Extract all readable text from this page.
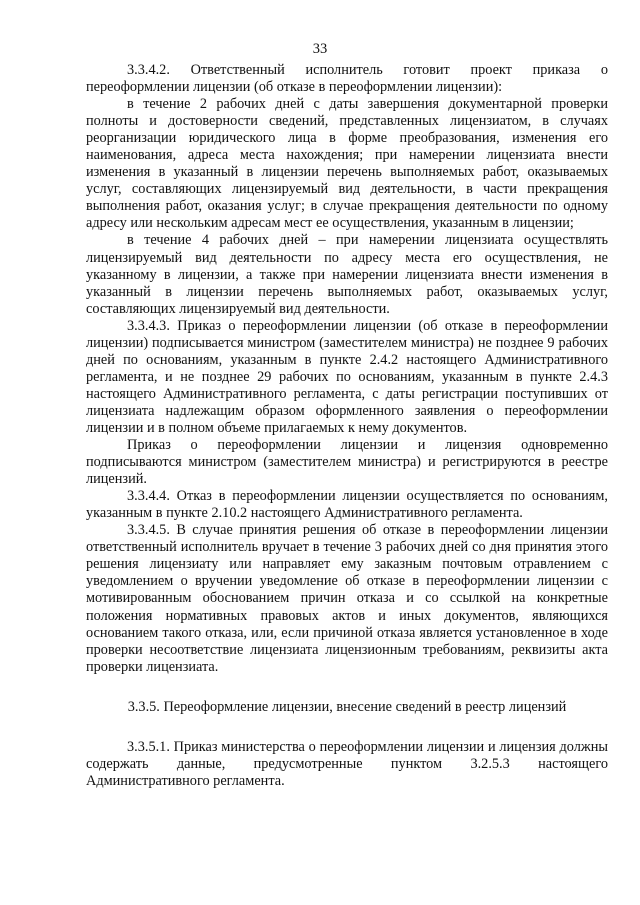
33

3.3.4.2. Ответственный исполнитель готовит проект приказа о переоформлении лицензии (об отказе в переоформлении лицензии):

в течение 2 рабочих дней с даты завершения документарной проверки полноты и достоверности сведений, представленных лицензиатом, в случаях реорганизации юридического лица в форме преобразования, изменения его наименования, адреса места нахождения; при намерении лицензиата внести изменения в указанный в лицензии перечень выполняемых работ, оказываемых услуг, составляющих лицензируемый вид деятельности, в части прекращения выполнения работ, оказания услуг; в случае прекращения деятельности по одному адресу или нескольким адресам мест ее осуществления, указанным в лицензии;

в течение 4 рабочих дней – при намерении лицензиата осуществлять лицензируемый вид деятельности по адресу места его осуществления, не указанному в лицензии, а также при намерении лицензиата внести изменения в указанный в лицензии перечень выполняемых работ, оказываемых услуг, составляющих лицензируемый вид деятельности.

3.3.4.3. Приказ о переоформлении лицензии (об отказе в переоформлении лицензии) подписывается министром (заместителем министра) не позднее 9 рабочих дней по основаниям, указанным в пункте 2.4.2 настоящего Административного регламента, и не позднее 29 рабочих по основаниям, указанным в пункте 2.4.3 настоящего Административного регламента, с даты регистрации поступивших от лицензиата надлежащим образом оформленного заявления о переоформлении лицензии и в полном объеме прилагаемых к нему документов.

Приказ о переоформлении лицензии и лицензия одновременно подписываются министром (заместителем министра) и регистрируются в реестре лицензий.

3.3.4.4. Отказ в переоформлении лицензии осуществляется по основаниям, указанным в пункте 2.10.2 настоящего Административного регламента.

3.3.4.5. В случае принятия решения об отказе в переоформлении лицензии ответственный исполнитель вручает в течение 3 рабочих дней со дня принятия этого решения лицензиату или направляет ему заказным почтовым отравлением с уведомлением о вручении уведомление об отказе в переоформлении лицензии с мотивированным обоснованием причин отказа и со ссылкой на конкретные положения нормативных правовых актов и иных документов, являющихся основанием такого отказа, или, если причиной отказа является установленное в ходе проверки несоответствие лицензиата лицензионным требованиям, реквизиты акта проверки лицензиата.

3.3.5. Переоформление лицензии, внесение сведений в реестр лицензий

3.3.5.1. Приказ министерства о переоформлении лицензии и лицензия должны содержать данные, предусмотренные пунктом 3.2.5.3 настоящего Административного регламента.
